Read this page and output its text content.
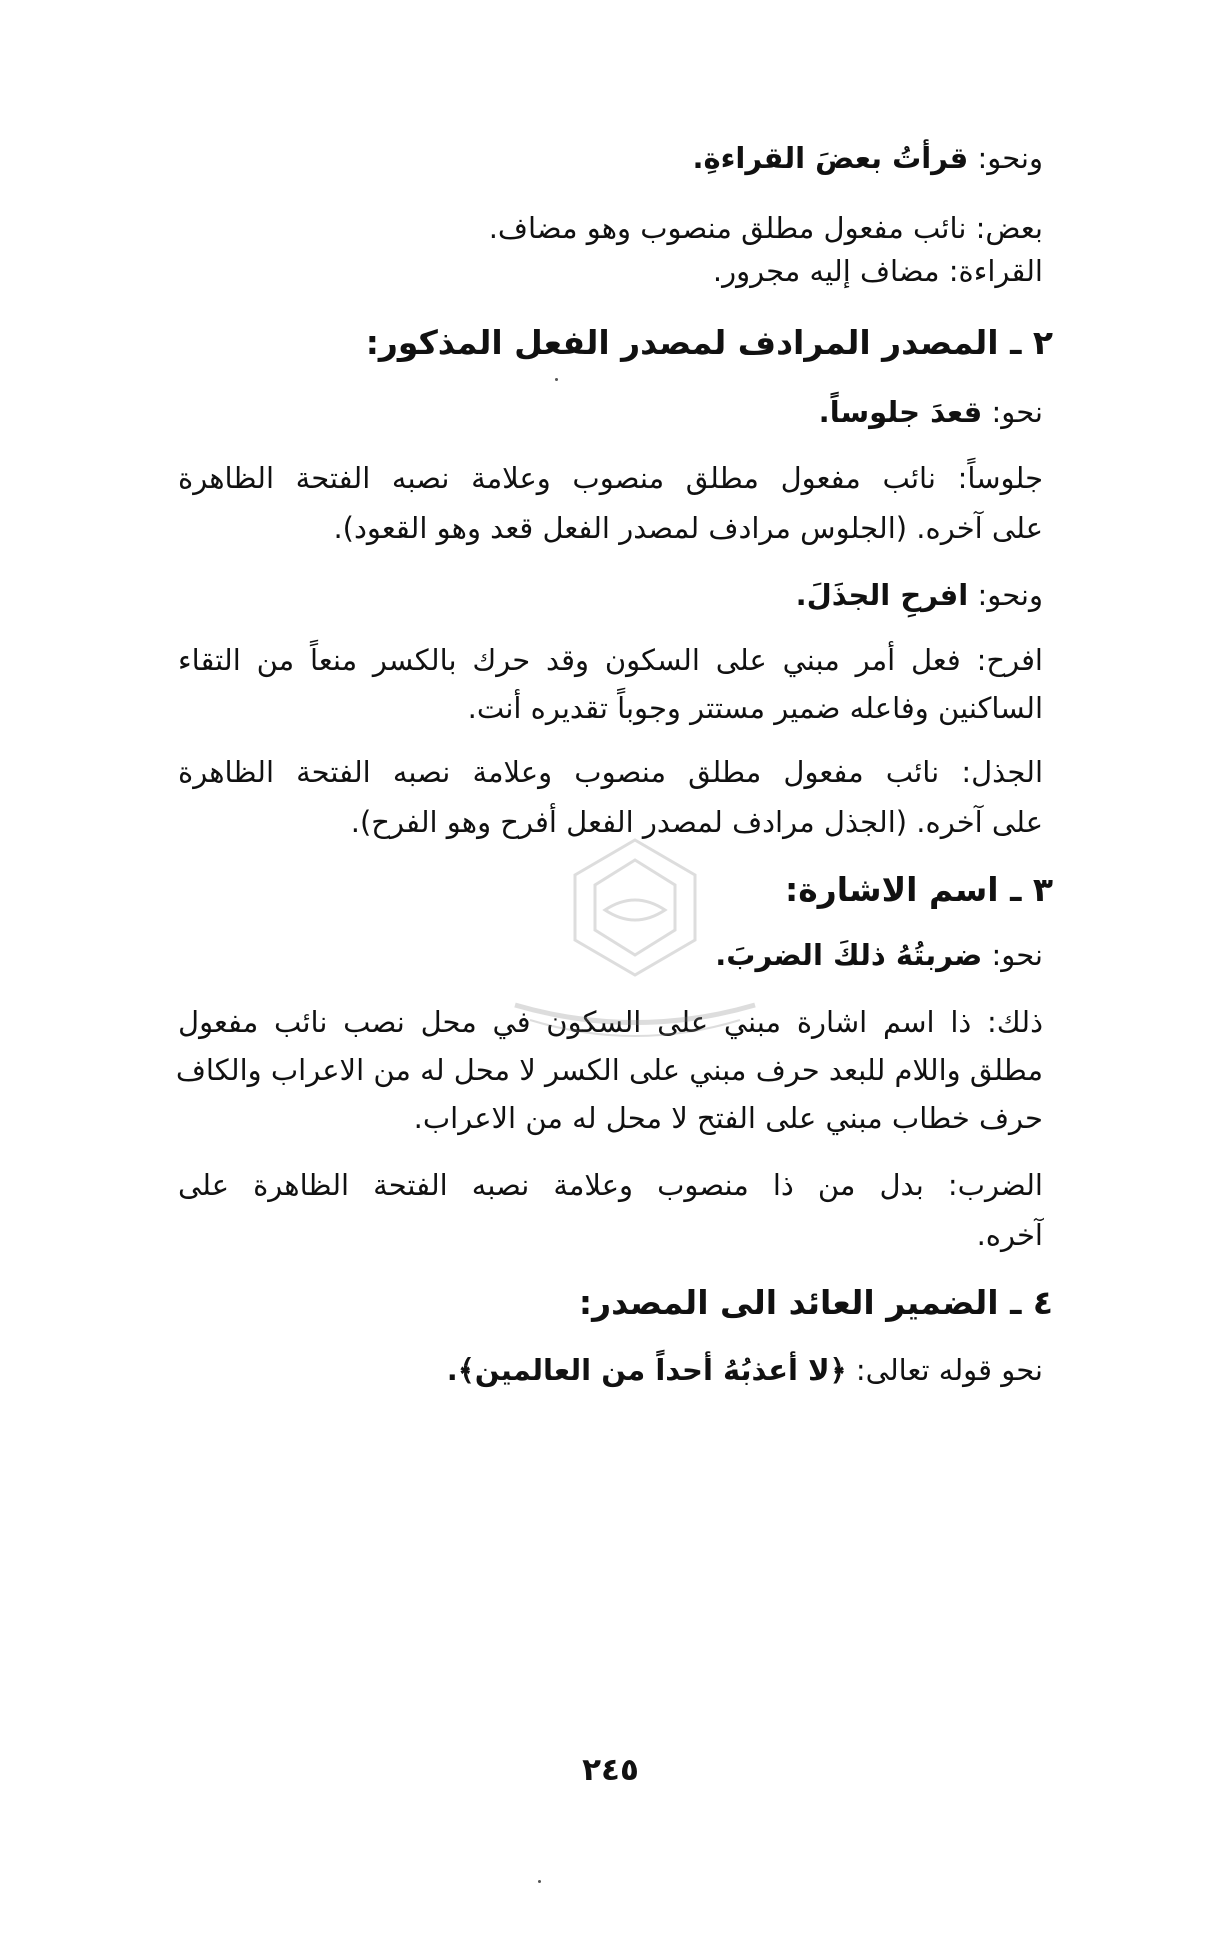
ونحو: قرأتُ بعضَ القراءةِ.
بعض: نائب مفعول مطلق منصوب وهو مضاف.
القراءة: مضاف إليه مجرور.
٢ ـ المصدر المرادف لمصدر الفعل المذكور:
نحو: قعدَ جلوساً.
جلوساً: نائب مفعول مطلق منصوب وعلامة نصبه الفتحة الظاهرة
على آخره. (الجلوس مرادف لمصدر الفعل قعد وهو القعود).
ونحو: افرحِ الجذَلَ.
افرح: فعل أمر مبني على السكون وقد حرك بالكسر منعاً من التقاء
الساكنين وفاعله ضمير مستتر وجوباً تقديره أنت.
الجذل: نائب مفعول مطلق منصوب وعلامة نصبه الفتحة الظاهرة
على آخره. (الجذل مرادف لمصدر الفعل أفرح وهو الفرح).
٣ ـ اسم الاشارة:
نحو: ضربتُهُ ذلكَ الضربَ.
ذلك: ذا اسم اشارة مبني على السكون في محل نصب نائب مفعول
مطلق واللام للبعد حرف مبني على الكسر لا محل له من الاعراب والكاف
حرف خطاب مبني على الفتح لا محل له من الاعراب.
الضرب: بدل من ذا منصوب وعلامة نصبه الفتحة الظاهرة على
آخره.
٤ ـ الضمير العائد الى المصدر:
نحو قوله تعالى: ﴿لا أعذبُهُ أحداً من العالمين﴾.
٢٤٥
